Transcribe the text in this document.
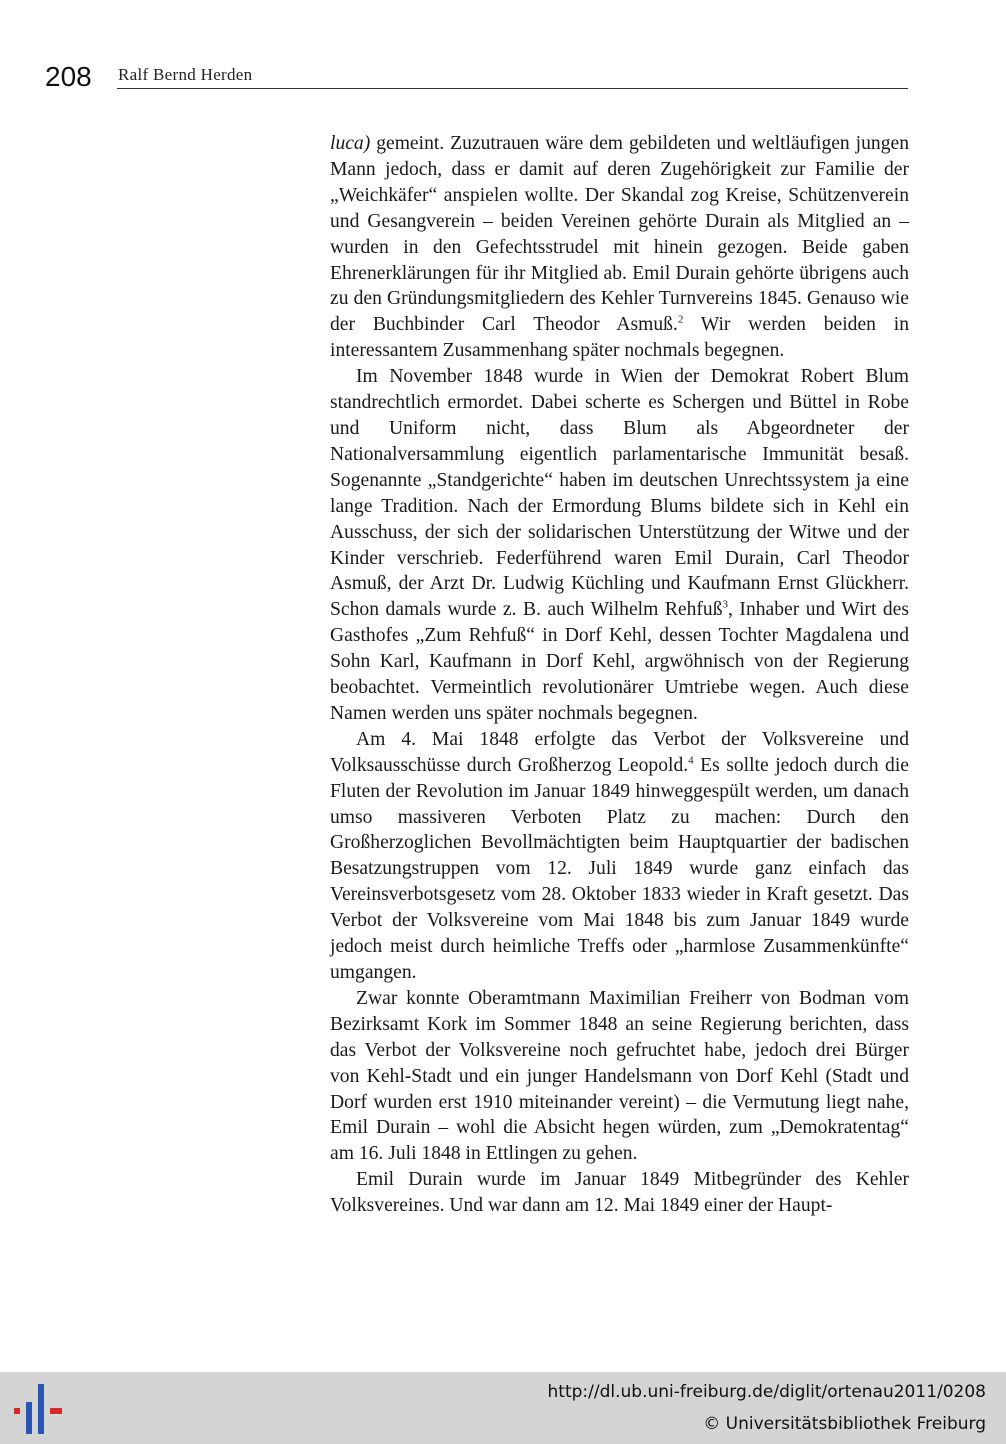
208 Ralf Bernd Herden

luca) gemeint. Zuzutrauen wäre dem gebildeten und weltläufigen jungen Mann jedoch, dass er damit auf deren Zugehörigkeit zur Familie der „Weichkäfer“ anspielen wollte. Der Skandal zog Kreise, Schützenverein und Gesangverein – beiden Vereinen gehörte Durain als Mitglied an – wurden in den Gefechtsstrudel mit hinein gezogen. Beide gaben Ehrenerklärungen für ihr Mitglied ab. Emil Durain gehörte übrigens auch zu den Gründungsmitgliedern des Kehler Turnvereins 1845. Genauso wie der Buchbinder Carl Theodor Asmuß.$^2$ Wir werden beiden in interessantem Zusammenhang später nochmals begegnen.

Im November 1848 wurde in Wien der Demokrat Robert Blum standrechtlich ermordet. Dabei scherte es Schergen und Büttel in Robe und Uniform nicht, dass Blum als Abgeordneter der Nationalversammlung eigentlich parlamentarische Immunität besaß. Sogenannte „Standgerichte“ haben im deutschen Unrechtssystem ja eine lange Tradition. Nach der Ermordung Blums bildete sich in Kehl ein Ausschuss, der sich der solidarischen Unterstützung der Witwe und der Kinder verschrieb. Federführend waren Emil Durain, Carl Theodor Asmuß, der Arzt Dr. Ludwig Küchling und Kaufmann Ernst Glückherr. Schon damals wurde z. B. auch Wilhelm Rehfuß$^3$, Inhaber und Wirt des Gasthofes „Zum Rehfuß“ in Dorf Kehl, dessen Tochter Magdalena und Sohn Karl, Kaufmann in Dorf Kehl, argwöhnisch von der Regierung beobachtet. Vermeintlich revolutionärer Umtriebe wegen. Auch diese Namen werden uns später nochmals begegnen.

Am 4. Mai 1848 erfolgte das Verbot der Volksvereine und Volksausschüsse durch Großherzog Leopold.$^4$ Es sollte jedoch durch die Fluten der Revolution im Januar 1849 hinweggespült werden, um danach umso massiveren Verboten Platz zu machen: Durch den Großherzoglichen Bevollmächtigten beim Hauptquartier der badischen Besatzungstruppen vom 12. Juli 1849 wurde ganz einfach das Vereinsverbotsgesetz vom 28. Oktober 1833 wieder in Kraft gesetzt. Das Verbot der Volksvereine vom Mai 1848 bis zum Januar 1849 wurde jedoch meist durch heimliche Treffs oder „harmlose Zusammenkünfte“ umgangen.

Zwar konnte Oberamtmann Maximilian Freiherr von Bodman vom Bezirksamt Kork im Sommer 1848 an seine Regierung berichten, dass das Verbot der Volksvereine noch gefruchtet habe, jedoch drei Bürger von Kehl-Stadt und ein junger Handelsmann von Dorf Kehl (Stadt und Dorf wurden erst 1910 miteinander vereint) – die Vermutung liegt nahe, Emil Durain – wohl die Absicht hegen würden, zum „Demokratentag“ am 16. Juli 1848 in Ettlingen zu gehen.

Emil Durain wurde im Januar 1849 Mitbegründer des Kehler Volksvereines. Und war dann am 12. Mai 1849 einer der Haupt-

http://dl.ub.uni-freiburg.de/diglit/ortenau2011/0208
© Universitätsbibliothek Freiburg
